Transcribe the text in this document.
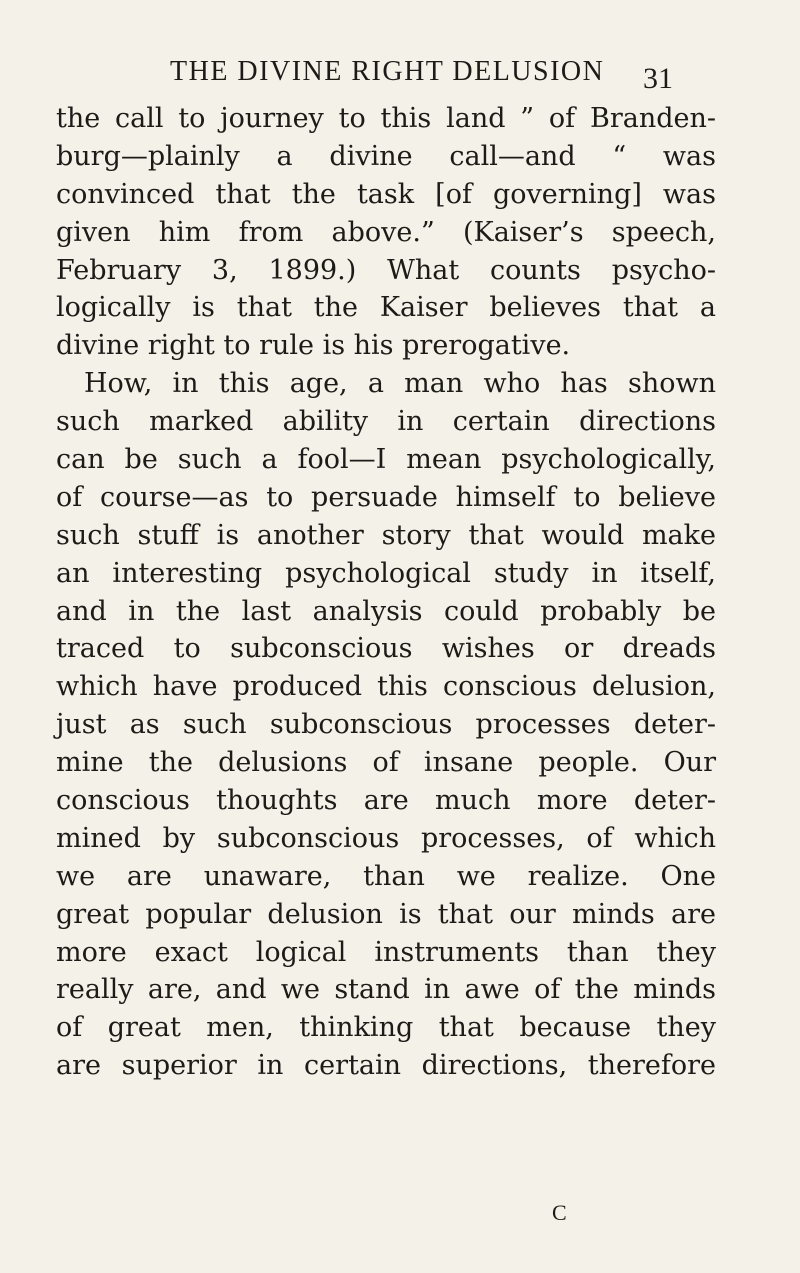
THE DIVINE RIGHT DELUSION 31
the call to journey to this land ” of Branden-
burg—plainly a divine call—and “ was
convinced that the task [of governing] was
given him from above.” (Kaiser’s speech,
February 3, 1899.) What counts psycho-
logically is that the Kaiser believes that a
divine right to rule is his prerogative.
How, in this age, a man who has shown
such marked ability in certain directions
can be such a fool—I mean psychologically,
of course—as to persuade himself to believe
such stuff is another story that would make
an interesting psychological study in itself,
and in the last analysis could probably be
traced to subconscious wishes or dreads
which have produced this conscious delusion,
just as such subconscious processes deter-
mine the delusions of insane people. Our
conscious thoughts are much more deter-
mined by subconscious processes, of which
we are unaware, than we realize. One
great popular delusion is that our minds are
more exact logical instruments than they
really are, and we stand in awe of the minds
of great men, thinking that because they
are superior in certain directions, therefore
C
